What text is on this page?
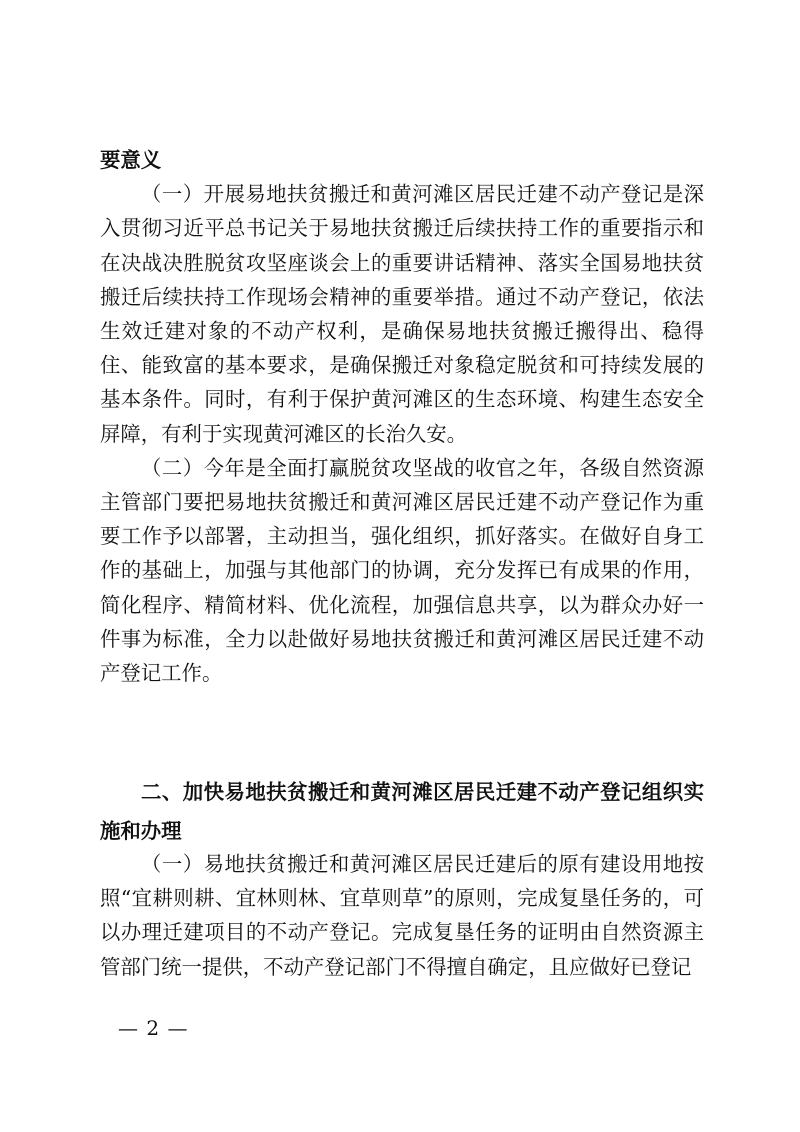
要意义

（一）开展易地扶贫搬迁和黄河滩区居民迁建不动产登记是深入贯彻习近平总书记关于易地扶贫搬迁后续扶持工作的重要指示和在决战决胜脱贫攻坚座谈会上的重要讲话精神、落实全国易地扶贫搬迁后续扶持工作现场会精神的重要举措。通过不动产登记，依法生效迁建对象的不动产权利，是确保易地扶贫搬迁搬得出、稳得住、能致富的基本要求，是确保搬迁对象稳定脱贫和可持续发展的基本条件。同时，有利于保护黄河滩区的生态环境、构建生态安全屏障，有利于实现黄河滩区的长治久安。

（二）今年是全面打赢脱贫攻坚战的收官之年，各级自然资源主管部门要把易地扶贫搬迁和黄河滩区居民迁建不动产登记作为重要工作予以部署，主动担当，强化组织，抓好落实。在做好自身工作的基础上，加强与其他部门的协调，充分发挥已有成果的作用，简化程序、精简材料、优化流程，加强信息共享，以为群众办好一件事为标准，全力以赴做好易地扶贫搬迁和黄河滩区居民迁建不动产登记工作。

二、加快易地扶贫搬迁和黄河滩区居民迁建不动产登记组织实施和办理

（一）易地扶贫搬迁和黄河滩区居民迁建后的原有建设用地按照“宜耕则耕、宜林则林、宜草则草”的原则，完成复垦任务的，可以办理迁建项目的不动产登记。完成复垦任务的证明由自然资源主管部门统一提供，不动产登记部门不得擅自确定，且应做好已登记

— 2 —
